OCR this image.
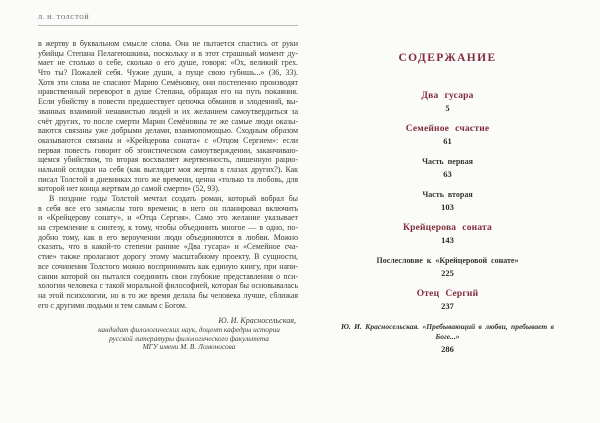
Л. Н. ТОЛСТОЙ
в жертву в буквальном смысле слова. Она не пытается спастись от руки
убийцы Степана Пелагеюшкина, поскольку и в этот страшный момент ду-
мает не столько о себе, сколько о его душе, говоря: «Ох, великий грех.
Что ты? Пожалей себя. Чужие души, а пуще свою губишь...» (36, 33).
Хотя эти слова не спасают Марию Семёновну, они постепенно производят
нравственный переворот в душе Степана, обращая его на путь покаяния.
Если убийству в повести предшествует цепочка обманов и злодеяний, вы-
званных взаимной ненавистью людей и их желанием самоутвердиться за
счёт других, то после смерти Марии Семёновны те же самые люди оказы-
ваются связаны уже добрыми делами, взаимопомощью. Сходным образом
оказываются связаны и «Крейцерова соната» с «Отцом Сергием»: если
первая повесть говорит об эгоистическом самоутверждении, заканчиваю-
щемся убийством, то вторая восхваляет жертвенность, лишенную рацио-
нальной оглядки на себя (как выглядит моя жертва в глазах других?). Как
писал Толстой в дневниках того же времени, ценна «только та любовь, для
которой нет конца жертвам до самой смерти» (52, 93).
В поздние годы Толстой мечтал создать роман, который вобрал бы
в себя все его замыслы того времени; в него он планировал включить
и «Крейцерову сонату», и «Отца Сергия». Само это желание указывает
на стремление к синтезу, к тому, чтобы объединить многое — в одно, по-
добно тому, как в его вероучении люди объединяются в любви. Можно
сказать, что в какой-то степени ранние «Два гусара» и «Семейное сча-
стие» также пролагают дорогу этому масштабному проекту. В сущности,
все сочинения Толстого можно воспринимать как единую книгу, при напи-
сании которой он пытался соединить свои глубокие представления о пси-
хологии человека с такой моральной философией, которая бы основывалась
на этой психологии, но в то же время делала бы человека лучше, сближая
его с другими людьми и тем самым с Богом.
Ю. И. Красносельская,
кандидат филологических наук, доцент кафедры истории
русской литературы филологического факультета
МГУ имени М. В. Ломоносова
СОДЕРЖАНИЕ
Два гусара
5
Семейное счастие
61
Часть первая
63
Часть вторая
103
Крейцерова соната
143
Послесловие к «Крейцеровой сонате»
225
Отец Сергий
237
Ю. И. Красносельская. «Пребывающий в любви, пребывает в Боге...»
286
